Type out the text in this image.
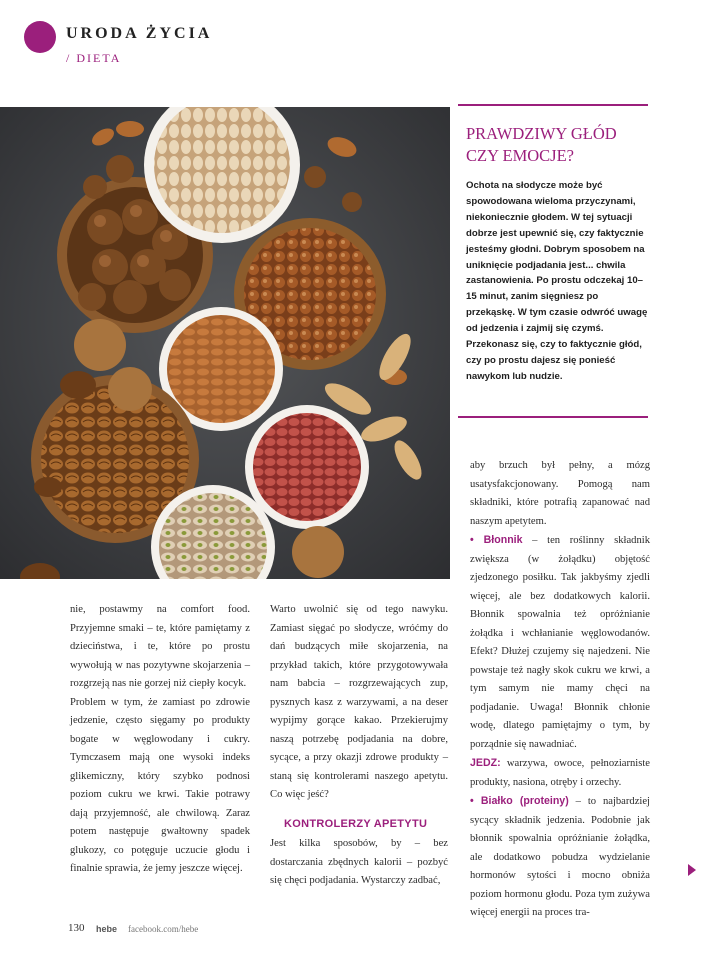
URODA ŻYCIA
/ DIETA
PRAWDZIWY GŁÓD
CZY EMOCJE?
Ochota na słodycze może być spowodowana wieloma przyczynami, niekoniecznie głodem. W tej sytuacji dobrze jest upewnić się, czy faktycznie jesteśmy głodni. Dobrym sposobem na uniknięcie podjadania jest... chwila zastanowienia. Po prostu odczekaj 10–15 minut, zanim sięgniesz po przekąskę. W tym czasie odwróć uwagę od jedzenia i zajmij się czymś. Przekonasz się, czy to faktycznie głód, czy po prostu dajesz się ponieść nawykom lub nudzie.

nie, postawmy na comfort food. Przyjemne smaki – te, które pamiętamy z dzieciństwa, i te, które po prostu wywołują w nas pozytywne skojarzenia – rozgrzeją nas nie gorzej niż ciepły kocyk.

Problem w tym, że zamiast po zdrowie jedzenie, często sięgamy po produkty bogate w węglowodany i cukry. Tymczasem mają one wysoki indeks glikemiczny, który szybko podnosi poziom cukru we krwi. Takie potrawy dają przyjemność, ale chwilową. Zaraz potem następuje gwałtowny spadek glukozy, co potęguje uczucie głodu i finalnie sprawia, że jemy jeszcze więcej.

Warto uwolnić się od tego nawyku. Zamiast sięgać po słodycze, wróćmy do dań budzących miłe skojarzenia, na przykład takich, które przygotowywała nam babcia – rozgrzewających zup, pysznych kasz z warzywami, a na deser wypijmy gorące kakao. Przekierujmy naszą potrzebę podjadania na dobre, sycące, a przy okazji zdrowe produkty – staną się kontrolerami naszego apetytu. Co więc jeść?

KONTROLERZY APETYTU

Jest kilka sposobów, by – bez dostarczania zbędnych kalorii – pozbyć się chęci podjadania. Wystarczy zadbać,

aby brzuch był pełny, a mózg usatysfakcjonowany. Pomogą nam składniki, które potrafią zapanować nad naszym apetytem.

• Błonnik – ten roślinny składnik zwiększa (w żołądku) objętość zjedzonego posiłku. Tak jakbyśmy zjedli więcej, ale bez dodatkowych kalorii. Błonnik spowalnia też opróżnianie żołądka i wchłanianie węglowodanów. Efekt? Dłużej czujemy się najedzeni. Nie powstaje też nagły skok cukru we krwi, a tym samym nie mamy chęci na podjadanie. Uwaga! Błonnik chłonie wodę, dlatego pamiętajmy o tym, by porządnie się nawadniać.

JEDZ: warzywa, owoce, pełnoziarniste produkty, nasiona, otręby i orzechy.

• Białko (proteiny) – to najbardziej sycący składnik jedzenia. Podobnie jak błonnik spowalnia opróżnianie żołądka, ale dodatkowo pobudza wydzielanie hormonów sytości i mocno obniża poziom hormonu głodu. Poza tym zużywa więcej energii na proces tra-

130 hebe facebook.com/hebe
